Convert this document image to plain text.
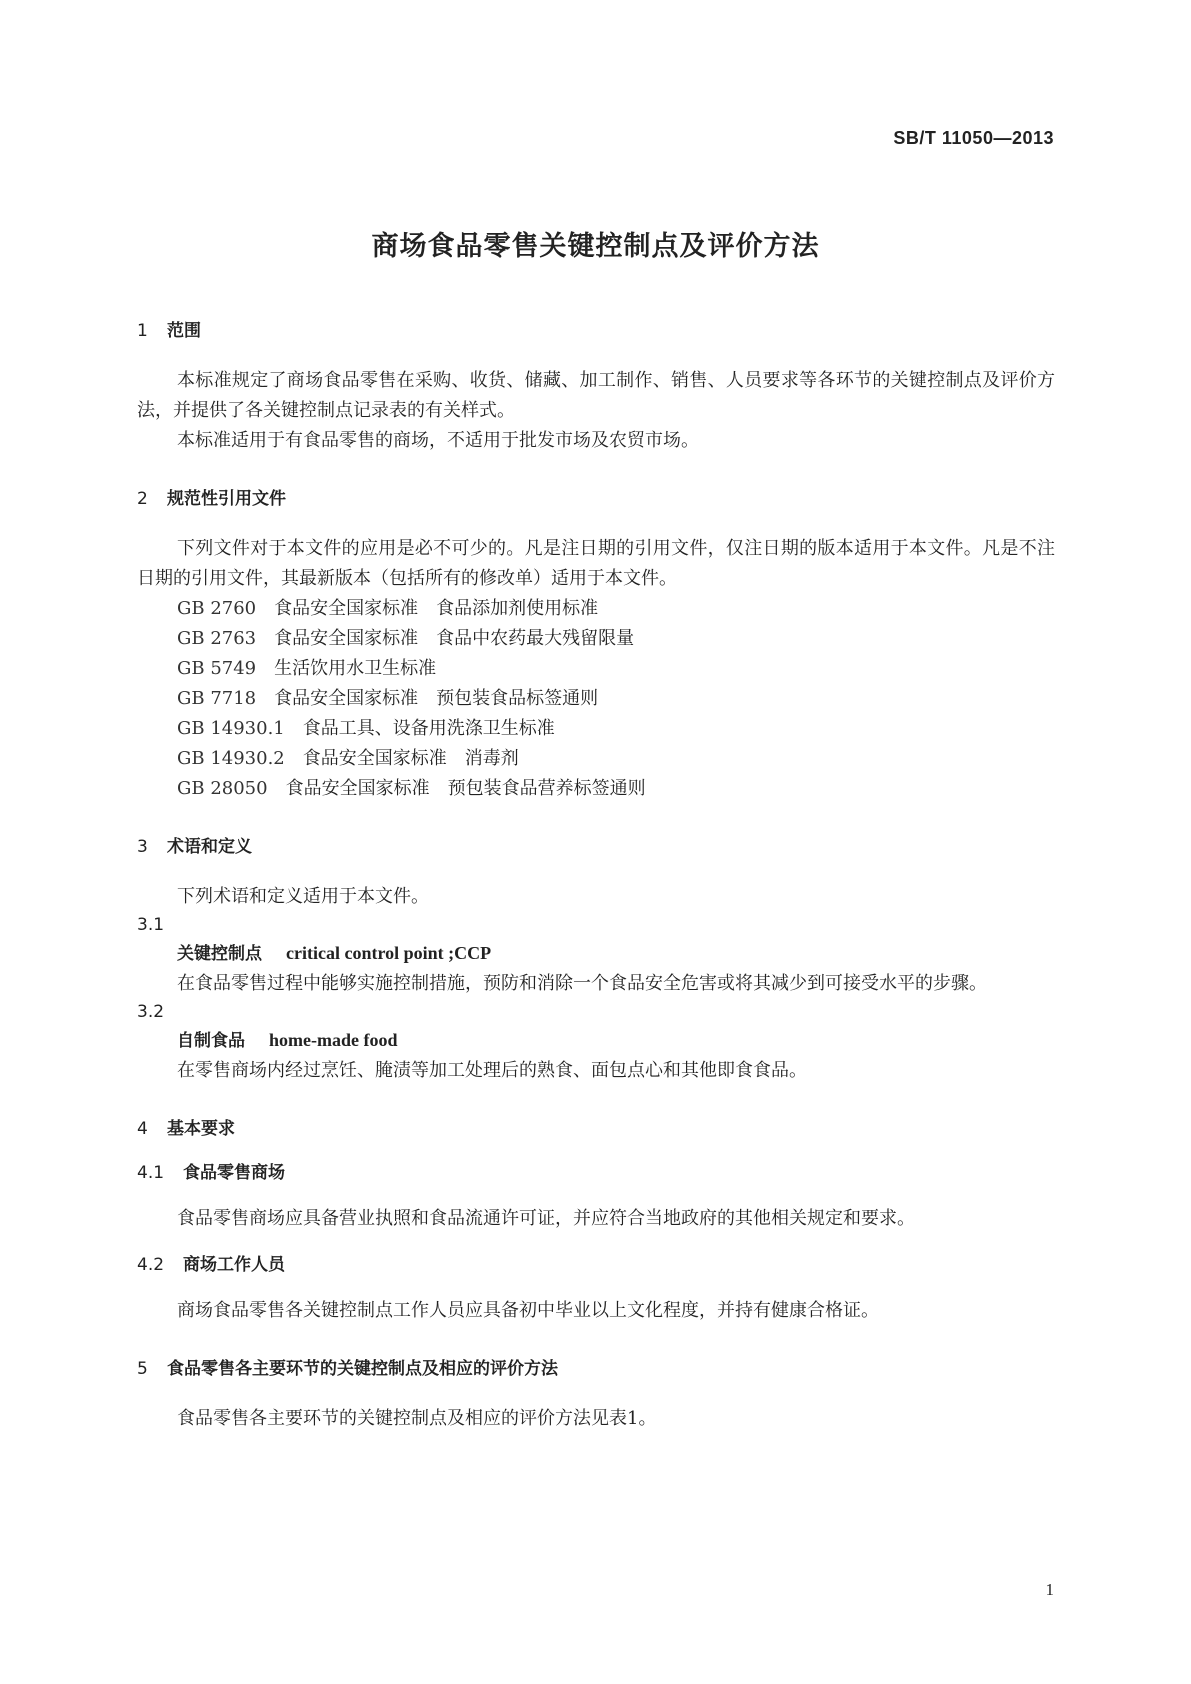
SB/T 11050—2013
商场食品零售关键控制点及评价方法
1 范围

本标准规定了商场食品零售在采购、收货、储藏、加工制作、销售、人员要求等各环节的关键控制点及评价方法，并提供了各关键控制点记录表的有关样式。

本标准适用于有食品零售的商场，不适用于批发市场及农贸市场。

2 规范性引用文件

下列文件对于本文件的应用是必不可少的。凡是注日期的引用文件，仅注日期的版本适用于本文件。凡是不注日期的引用文件，其最新版本（包括所有的修改单）适用于本文件。

GB 2760 食品安全国家标准　食品添加剂使用标准
GB 2763 食品安全国家标准　食品中农药最大残留限量
GB 5749 生活饮用水卫生标准
GB 7718 食品安全国家标准　预包装食品标签通则
GB 14930.1 食品工具、设备用洗涤卫生标准
GB 14930.2 食品安全国家标准　消毒剂
GB 28050 食品安全国家标准　预包装食品营养标签通则
3 术语和定义

下列术语和定义适用于本文件。

3.1
关键控制点 critical control point ;CCP

在食品零售过程中能够实施控制措施，预防和消除一个食品安全危害或将其减少到可接受水平的步骤。

3.2
自制食品 home-made food

在零售商场内经过烹饪、腌渍等加工处理后的熟食、面包点心和其他即食食品。

4 基本要求
4.1 食品零售商场

食品零售商场应具备营业执照和食品流通许可证，并应符合当地政府的其他相关规定和要求。

4.2 商场工作人员

商场食品零售各关键控制点工作人员应具备初中毕业以上文化程度，并持有健康合格证。

5 食品零售各主要环节的关键控制点及相应的评价方法

食品零售各主要环节的关键控制点及相应的评价方法见表1。

1
